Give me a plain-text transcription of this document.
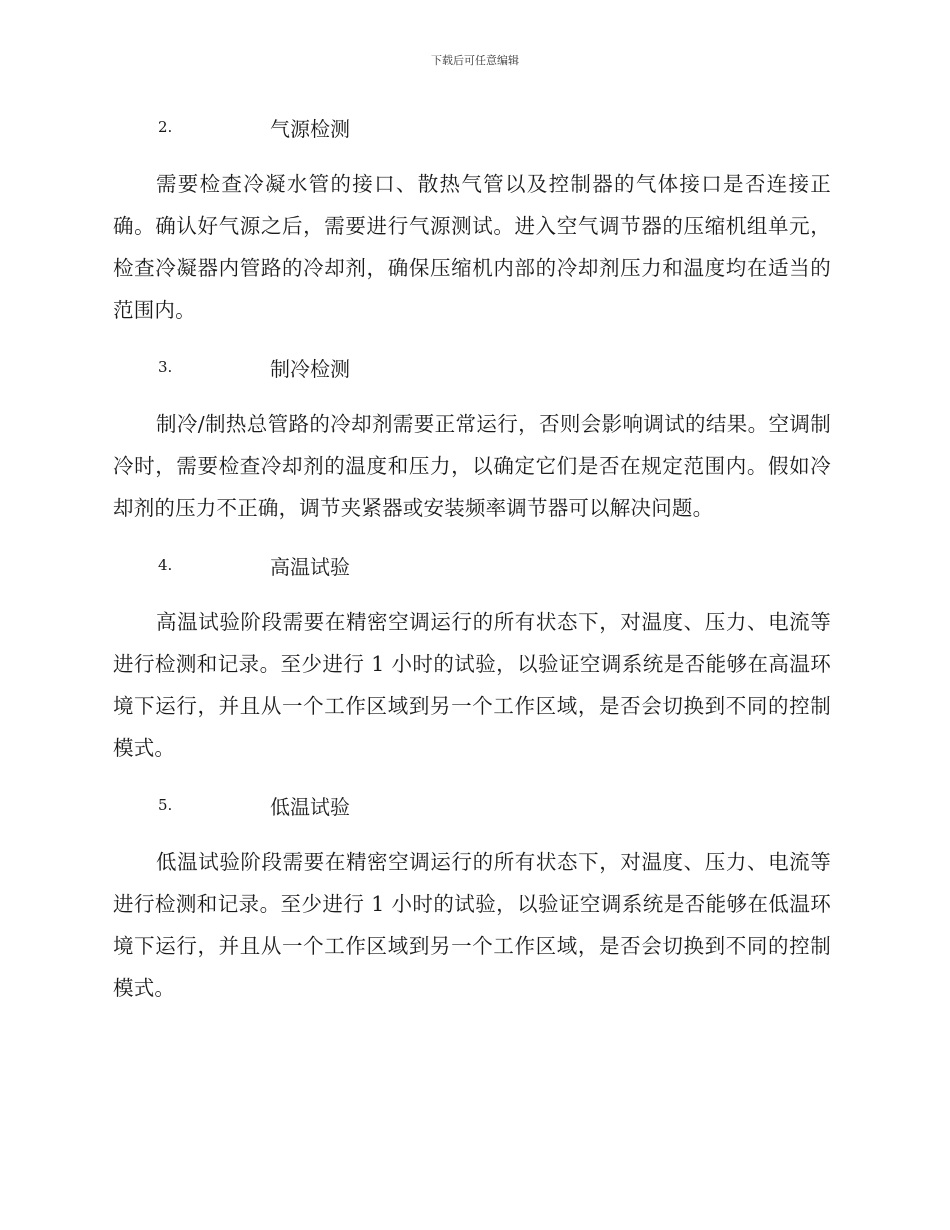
下载后可任意编辑
2.	气源检测

需要检查冷凝水管的接口、散热气管以及控制器的气体接口是否连接正确。确认好气源之后，需要进行气源测试。进入空气调节器的压缩机组单元，检查冷凝器内管路的冷却剂，确保压缩机内部的冷却剂压力和温度均在适当的范围内。

3.	制冷检测

制冷/制热总管路的冷却剂需要正常运行，否则会影响调试的结果。空调制冷时，需要检查冷却剂的温度和压力，以确定它们是否在规定范围内。假如冷却剂的压力不正确，调节夹紧器或安装频率调节器可以解决问题。

4.	高温试验

高温试验阶段需要在精密空调运行的所有状态下，对温度、压力、电流等进行检测和记录。至少进行 1 小时的试验，以验证空调系统是否能够在高温环境下运行，并且从一个工作区域到另一个工作区域，是否会切换到不同的控制模式。

5.	低温试验

低温试验阶段需要在精密空调运行的所有状态下，对温度、压力、电流等进行检测和记录。至少进行 1 小时的试验，以验证空调系统是否能够在低温环境下运行，并且从一个工作区域到另一个工作区域，是否会切换到不同的控制模式。
